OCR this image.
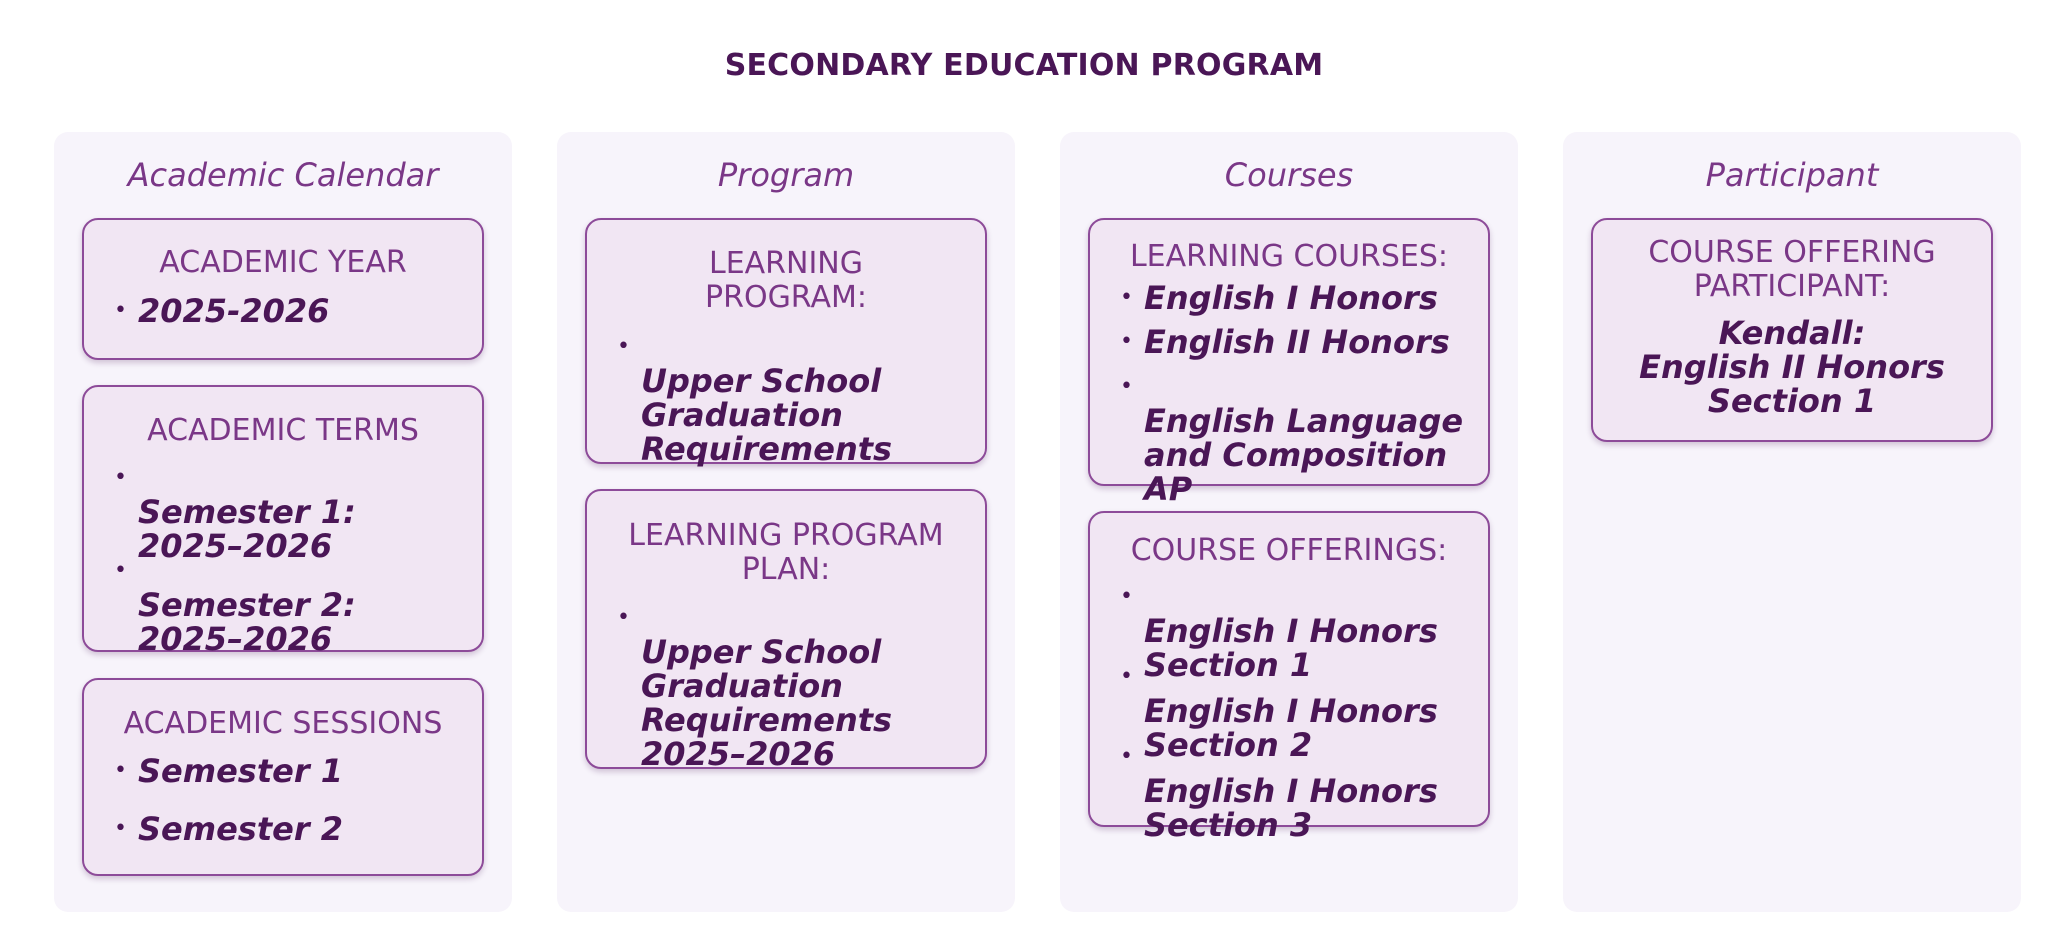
SECONDARY EDUCATION PROGRAM
Academic Calendar
ACADEMIC YEAR
• 2025-2026
ACADEMIC TERMS

•
Semester 1:
2025–2026

•
Semester 2:
2025–2026

ACADEMIC SESSIONS
• Semester 1
• Semester 2
Program
LEARNING
PROGRAM:

•
Upper School
Graduation
Requirements

LEARNING PROGRAM
PLAN:

•
Upper School
Graduation
Requirements
2025–2026

Courses
LEARNING COURSES:
• English I Honors
• English II Honors

•
English Language
and Composition
AP

COURSE OFFERINGS:

•
English I Honors
Section 1

•
English I Honors
Section 2

•
English I Honors
Section 3

Participant
COURSE OFFERING
PARTICIPANT:
Kendall:
English II Honors
Section 1
